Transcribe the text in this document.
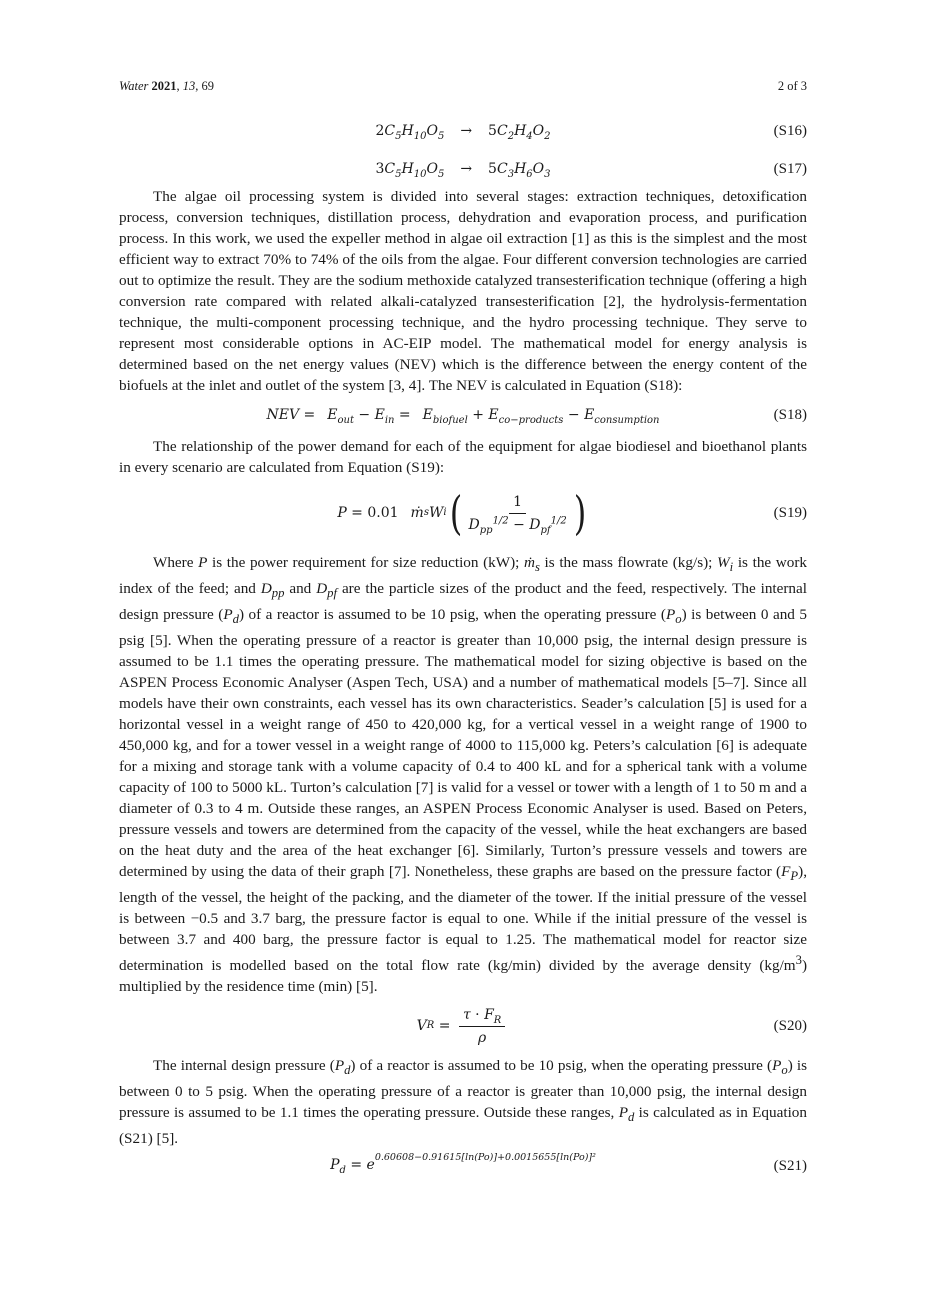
Water 2021, 13, 69	2 of 3
$2C_5H_{10}O_5 \to 5C_2H_4O_2$	(S16)
$3C_5H_{10}O_5 \to 5C_3H_6O_3$	(S17)

The algae oil processing system is divided into several stages: extraction techniques, detoxification process, conversion techniques, distillation process, dehydration and evaporation process, and purification process. In this work, we used the expeller method in algae oil extraction [1] as this is the simplest and the most efficient way to extract 70% to 74% of the oils from the algae. Four different conversion technologies are carried out to optimize the result. They are the sodium methoxide catalyzed transesterification technique (offering a high conversion rate compared with related alkali-catalyzed transesterification [2], the hydrolysis-fermentation technique, the multi-component processing technique, and the hydro processing technique. They serve to represent most considerable options in AC-EIP model. The mathematical model for energy analysis is determined based on the net energy values (NEV) which is the difference between the energy content of the biofuels at the inlet and outlet of the system [3, 4]. The NEV is calculated in Equation (S18):

NEV = $E_{out} - E_{in} = E_{biofuel} + E_{co-products} - E_{consumption}$	(S18)

The relationship of the power demand for each of the equipment for algae biodiesel and bioethanol plants in every scenario are calculated from Equation (S19):

P = 0.01 ṁ s W i ( $\frac{1}{D_{pp}^{1/2} - D_{pf}^{1/2}}$ )	(S19)

Where P is the power requirement for size reduction (kW); ṁ$_s$ is the mass flowrate (kg/s); $W_i$ is the work index of the feed; and $D_{pp}$ and $D_{pf}$ are the particle sizes of the product and the feed, respectively. The internal design pressure $(P_d)$ of a reactor is assumed to be 10 psig, when the operating pressure $(P_o)$ is between 0 and 5 psig [5]. When the operating pressure of a reactor is greater than 10,000 psig, the internal design pressure is assumed to be 1.1 times the operating pressure. The mathematical model for sizing objective is based on the ASPEN Process Economic Analyser (Aspen Tech, USA) and a number of mathematical models [5–7]. Since all models have their own constraints, each vessel has its own characteristics. Seader’s calculation [5] is used for a horizontal vessel in a weight range of 450 to 420,000 kg, for a vertical vessel in a weight range of 1900 to 450,000 kg, and for a tower vessel in a weight range of 4000 to 115,000 kg. Peters’s calculation [6] is adequate for a mixing and storage tank with a volume capacity of 0.4 to 400 kL and for a spherical tank with a volume capacity of 100 to 5000 kL. Turton’s calculation [7] is valid for a vessel or tower with a length of 1 to 50 m and a diameter of 0.3 to 4 m. Outside these ranges, an ASPEN Process Economic Analyser is used. Based on Peters, pressure vessels and towers are determined from the capacity of the vessel, while the heat exchangers are based on the heat duty and the area of the heat exchanger [6]. Similarly, Turton’s pressure vessels and towers are determined by using the data of their graph [7]. Nonetheless, these graphs are based on the pressure factor $(F_P)$, length of the vessel, the height of the packing, and the diameter of the tower. If the initial pressure of the vessel is between −0.5 and 3.7 barg, the pressure factor is equal to one. While if the initial pressure of the vessel is between 3.7 and 400 barg, the pressure factor is equal to 1.25. The mathematical model for reactor size determination is modelled based on the total flow rate (kg/min) divided by the average density $(kg/m^3)$ multiplied by the residence time (min) [5].

V $R = \frac{\tau \cdot F_R}{\rho}$	(S20)

The internal design pressure $(P_d)$ of a reactor is assumed to be 10 psig, when the operating pressure $(P_o)$ is between 0 to 5 psig. When the operating pressure of a reactor is greater than 10,000 psig, the internal design pressure is assumed to be 1.1 times the operating pressure. Outside these ranges, $P_d$ is calculated as in Equation (S21) [5].

$P_d = e^{0.60608-0.91615[ln(Po)]+0.0015655[ln(Po)]^2}$	(S21)
